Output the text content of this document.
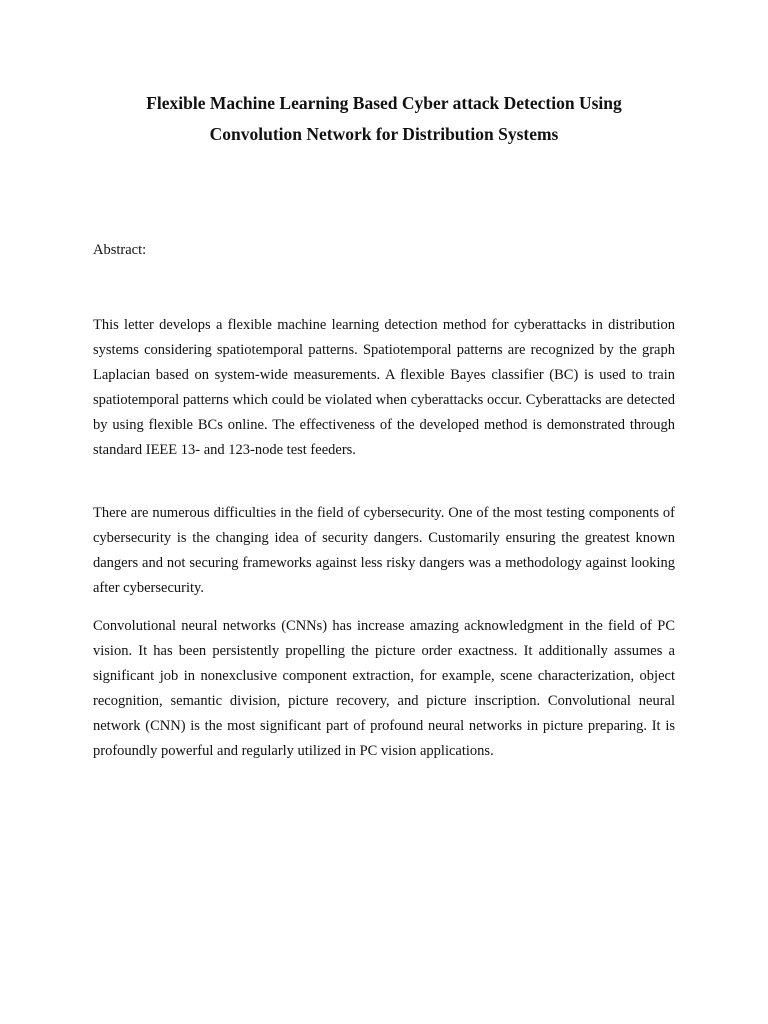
Flexible Machine Learning Based Cyber attack Detection Using
Convolution Network for Distribution Systems

Abstract:

This letter develops a flexible machine learning detection method for cyberattacks in distribution systems considering spatiotemporal patterns. Spatiotemporal patterns are recognized by the graph Laplacian based on system-wide measurements. A flexible Bayes classifier (BC) is used to train spatiotemporal patterns which could be violated when cyberattacks occur. Cyberattacks are detected by using flexible BCs online. The effectiveness of the developed method is demonstrated through standard IEEE 13- and 123-node test feeders.

There are numerous difficulties in the field of cybersecurity. One of the most testing components of cybersecurity is the changing idea of security dangers. Customarily ensuring the greatest known dangers and not securing frameworks against less risky dangers was a methodology against looking after cybersecurity.

Convolutional neural networks (CNNs) has increase amazing acknowledgment in the field of PC vision. It has been persistently propelling the picture order exactness. It additionally assumes a significant job in nonexclusive component extraction, for example, scene characterization, object recognition, semantic division, picture recovery, and picture inscription. Convolutional neural network (CNN) is the most significant part of profound neural networks in picture preparing. It is profoundly powerful and regularly utilized in PC vision applications.
